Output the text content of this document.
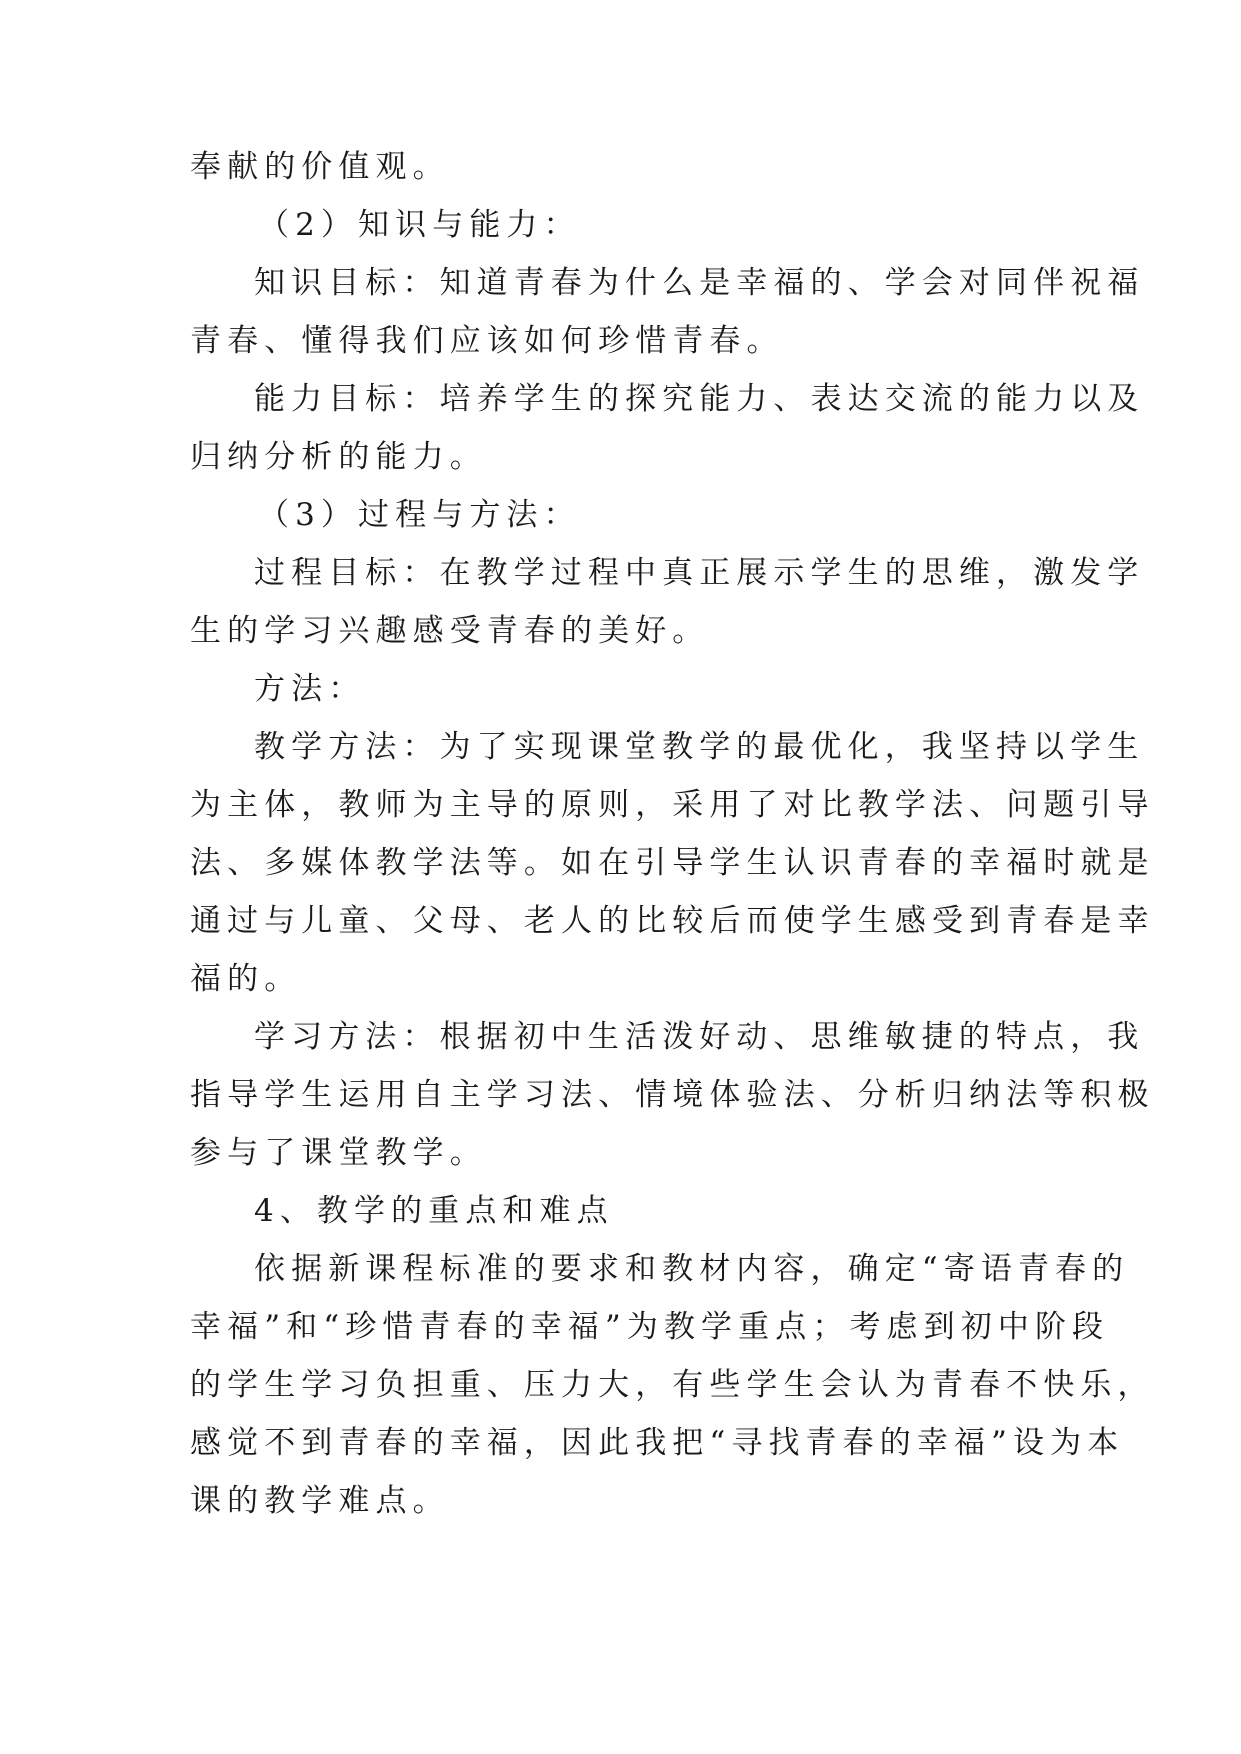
奉献的价值观。
（2）知识与能力：
知识目标：知道青春为什么是幸福的、学会对同伴祝福
青春、懂得我们应该如何珍惜青春。
能力目标：培养学生的探究能力、表达交流的能力以及
归纳分析的能力。
（3）过程与方法：
过程目标：在教学过程中真正展示学生的思维，激发学
生的学习兴趣感受青春的美好。
方法：
教学方法：为了实现课堂教学的最优化，我坚持以学生
为主体，教师为主导的原则，采用了对比教学法、问题引导
法、多媒体教学法等。如在引导学生认识青春的幸福时就是
通过与儿童、父母、老人的比较后而使学生感受到青春是幸
福的。
学习方法：根据初中生活泼好动、思维敏捷的特点，我
指导学生运用自主学习法、情境体验法、分析归纳法等积极
参与了课堂教学。
4、教学的重点和难点
依据新课程标准的要求和教材内容，确定“寄语青春的
幸福”和“珍惜青春的幸福”为教学重点；考虑到初中阶段
的学生学习负担重、压力大，有些学生会认为青春不快乐，
感觉不到青春的幸福，因此我把“寻找青春的幸福”设为本
课的教学难点。
